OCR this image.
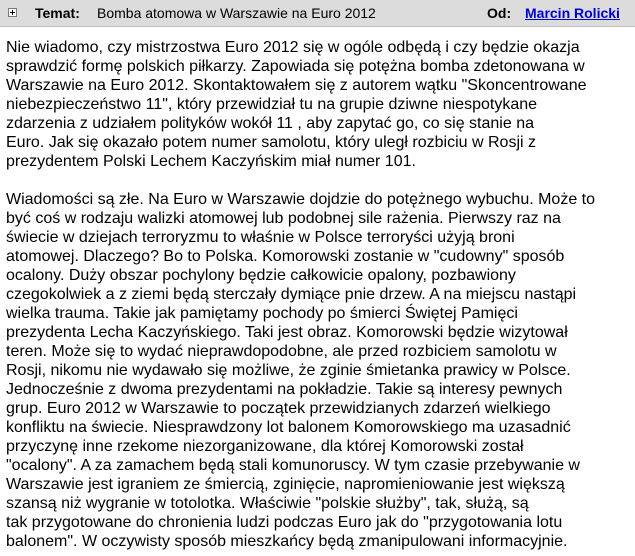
Temat: Bomba atomowa w Warszawie na Euro 2012	Od: Marcin Rolicki

Nie wiadomo, czy mistrzostwa Euro 2012 się w ogóle odbędą i czy będzie okazja
sprawdzić formę polskich piłkarzy. Zapowiada się potężna bomba zdetonowana w
Warszawie na Euro 2012. Skontaktowałem się z autorem wątku "Skoncentrowane
niebezpieczeństwo 11", który przewidział tu na grupie dziwne niespotykane
zdarzenia z udziałem polityków wokół 11 , aby zapytać go, co się stanie na
Euro. Jak się okazało potem numer samolotu, który uległ rozbiciu w Rosji z
prezydentem Polski Lechem Kaczyńskim miał numer 101.

Wiadomości są złe. Na Euro w Warszawie dojdzie do potężnego wybuchu. Może to
być coś w rodzaju walizki atomowej lub podobnej sile rażenia. Pierwszy raz na
świecie w dziejach terroryzmu to właśnie w Polsce terroryści użyją broni
atomowej. Dlaczego? Bo to Polska. Komorowski zostanie w "cudowny" sposób
ocalony. Duży obszar pochylony będzie całkowicie opalony, pozbawiony
czegokolwiek a z ziemi będą sterczały dymiące pnie drzew. A na miejscu nastąpi
wielka trauma. Takie jak pamiętamy pochody po śmierci Świętej Pamięci
prezydenta Lecha Kaczyńskiego. Taki jest obraz. Komorowski będzie wizytował
teren. Może się to wydać nieprawdopodobne, ale przed rozbiciem samolotu w
Rosji, nikomu nie wydawało się możliwe, że zginie śmietanka prawicy w Polsce.
Jednocześnie z dwoma prezydentami na pokładzie. Takie są interesy pewnych
grup. Euro 2012 w Warszawie to początek przewidzianych zdarzeń wielkiego
konfliktu na świecie. Niesprawdzony lot balonem Komorowskiego ma uzasadnić
przyczynę inne rzekome niezorganizowane, dla której Komorowski został
"ocalony". A za zamachem będą stali komunoruscy. W tym czasie przebywanie w
Warszawie jest igraniem ze śmiercią, zginięcie, napromieniowanie jest większą
szansą niż wygranie w totolotka. Właściwie "polskie służby", tak, służą, są
tak przygotowane do chronienia ludzi podczas Euro jak do "przygotowania lotu
balonem". W oczywisty sposób mieszkańcy będą zmanipulowani informacyjnie.
